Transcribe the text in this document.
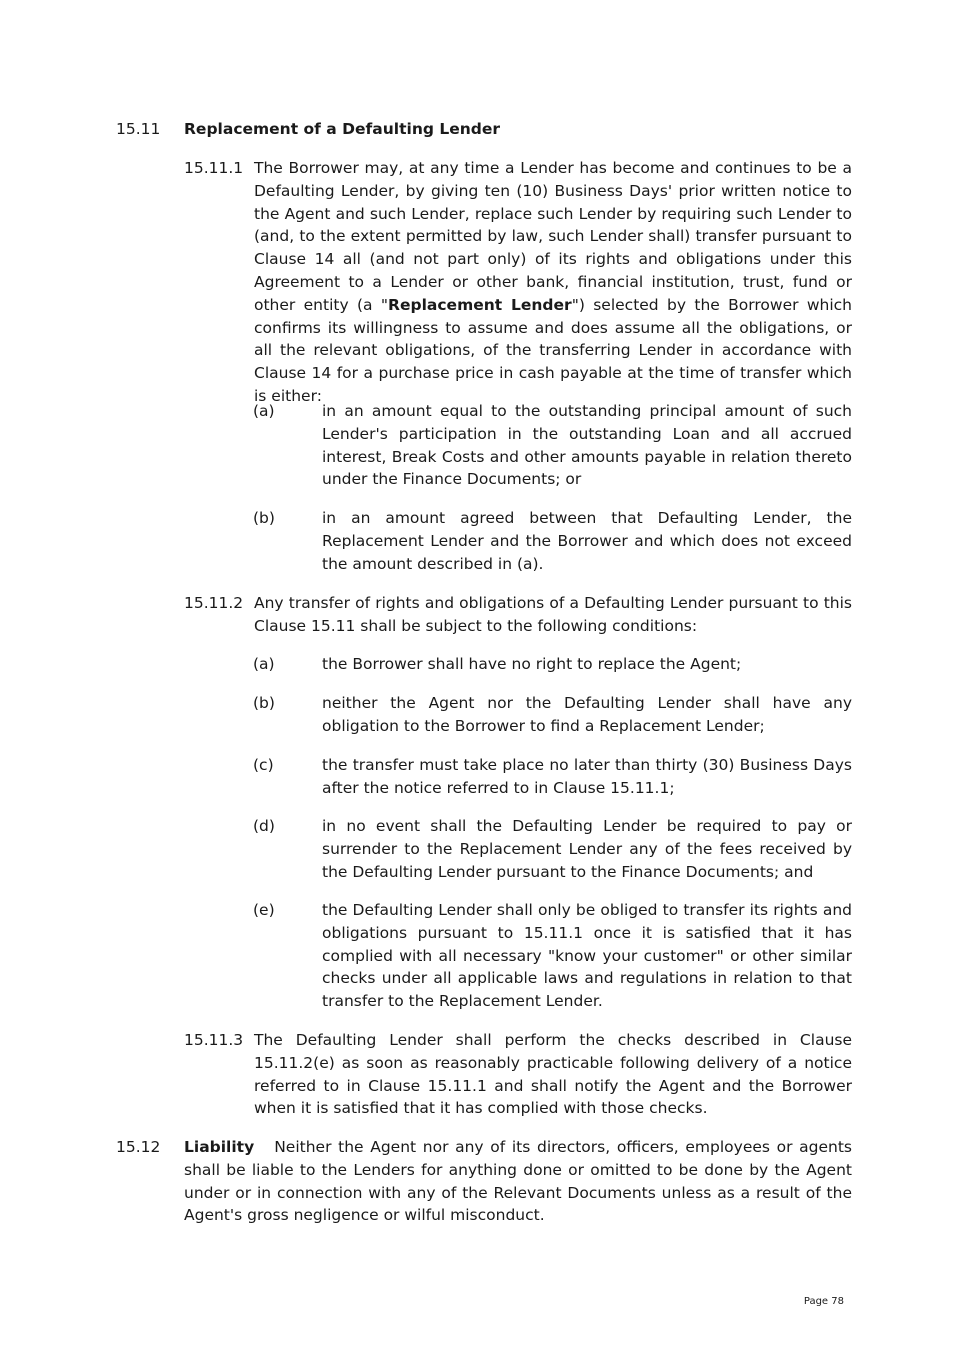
15.11 Replacement of a Defaulting Lender
15.11.1 The Borrower may, at any time a Lender has become and continues to be a Defaulting Lender, by giving ten (10) Business Days' prior written notice to the Agent and such Lender, replace such Lender by requiring such Lender to (and, to the extent permitted by law, such Lender shall) transfer pursuant to Clause 14 all (and not part only) of its rights and obligations under this Agreement to a Lender or other bank, financial institution, trust, fund or other entity (a "Replacement Lender") selected by the Borrower which confirms its willingness to assume and does assume all the obligations, or all the relevant obligations, of the transferring Lender in accordance with Clause 14 for a purchase price in cash payable at the time of transfer which is either:

(a)	in an amount equal to the outstanding principal amount of such Lender's participation in the outstanding Loan and all accrued interest, Break Costs and other amounts payable in relation thereto under the Finance Documents; or

(b)	in an amount agreed between that Defaulting Lender, the Replacement Lender and the Borrower and which does not exceed the amount described in (a).

15.11.2 Any transfer of rights and obligations of a Defaulting Lender pursuant to this Clause 15.11 shall be subject to the following conditions:

(a)	the Borrower shall have no right to replace the Agent;

(b)	neither the Agent nor the Defaulting Lender shall have any obligation to the Borrower to find a Replacement Lender;

(c)	the transfer must take place no later than thirty (30) Business Days after the notice referred to in Clause 15.11.1;

(d)	in no event shall the Defaulting Lender be required to pay or surrender to the Replacement Lender any of the fees received by the Defaulting Lender pursuant to the Finance Documents; and

(e)	the Defaulting Lender shall only be obliged to transfer its rights and obligations pursuant to 15.11.1 once it is satisfied that it has complied with all necessary "know your customer" or other similar checks under all applicable laws and regulations in relation to that transfer to the Replacement Lender.

15.11.3 The Defaulting Lender shall perform the checks described in Clause 15.11.2(e) as soon as reasonably practicable following delivery of a notice referred to in Clause 15.11.1 and shall notify the Agent and the Borrower when it is satisfied that it has complied with those checks.

15.12 Liability Neither the Agent nor any of its directors, officers, employees or agents shall be liable to the Lenders for anything done or omitted to be done by the Agent under or in connection with any of the Relevant Documents unless as a result of the Agent's gross negligence or wilful misconduct.

Page 78
